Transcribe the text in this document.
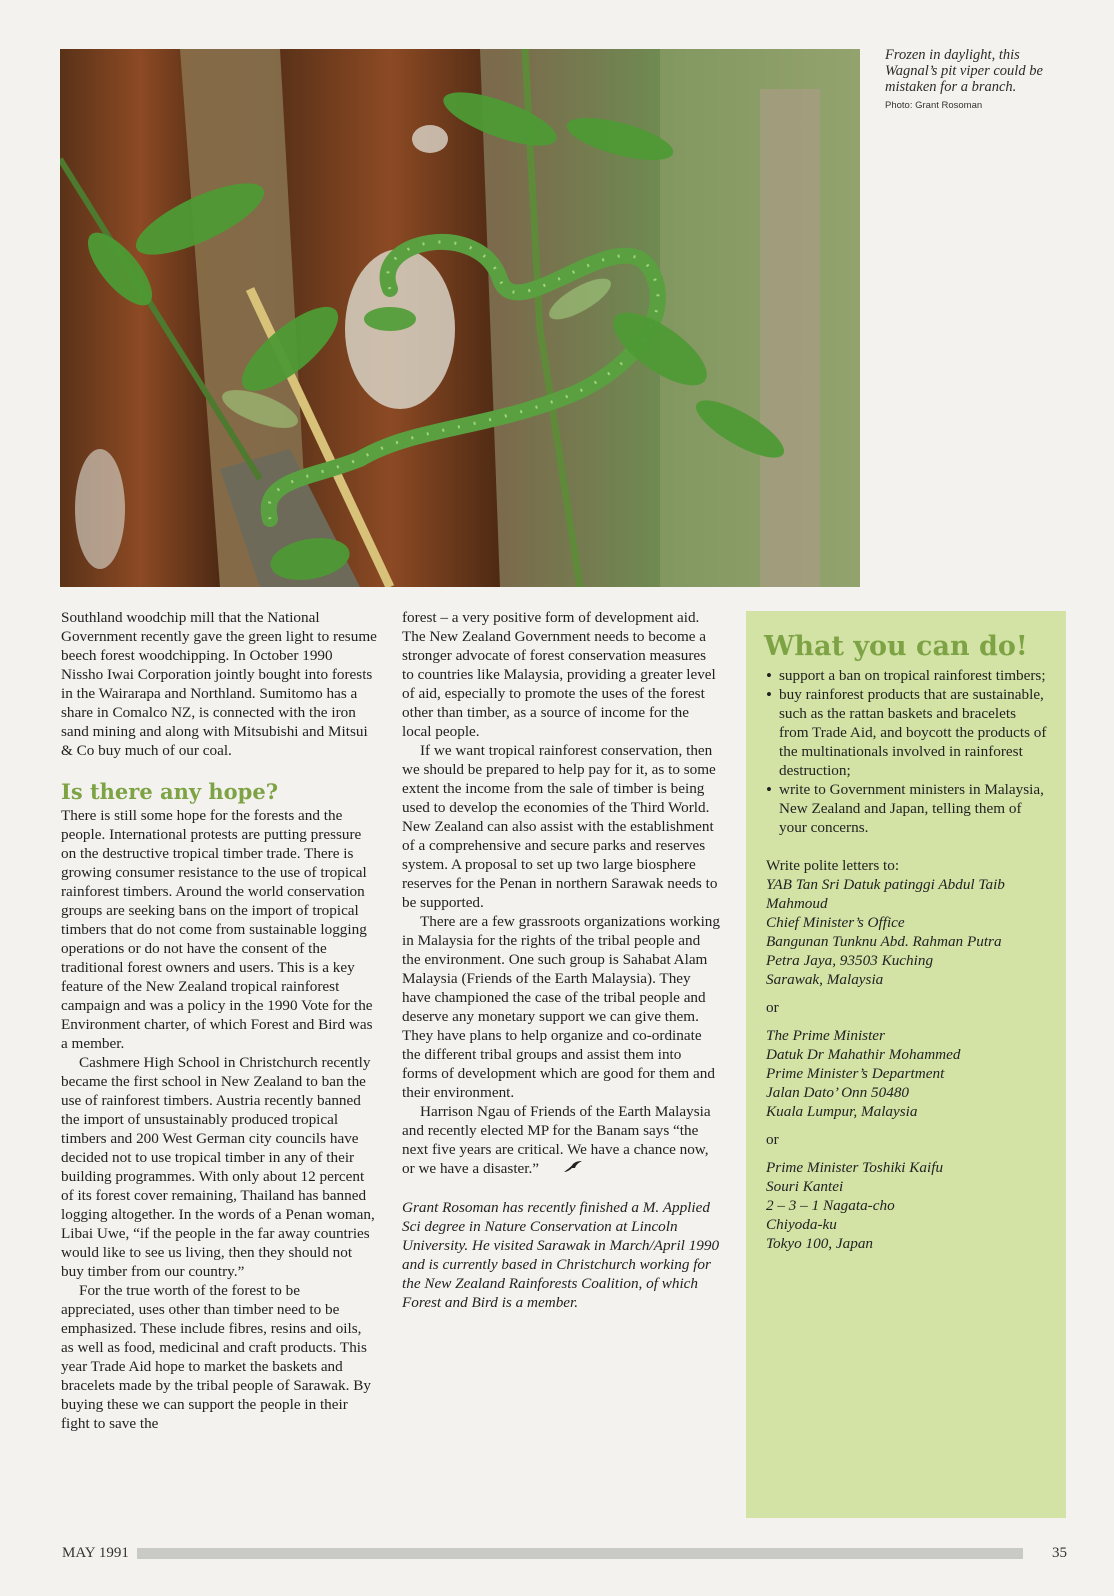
Frozen in daylight, this
Wagnal’s pit viper could be
mistaken for a branch.
Photo: Grant Rosoman

Southland woodchip mill that the National Government recently gave the green light to resume beech forest woodchipping. In October 1990 Nissho Iwai Corporation jointly bought into forests in the Wairarapa and Northland. Sumitomo has a share in Comalco NZ, is connected with the iron sand mining and along with Mitsubishi and Mitsui & Co buy much of our coal.

Is there any hope?

There is still some hope for the forests and the people. International protests are putting pressure on the destructive tropical timber trade. There is growing consumer resistance to the use of tropical rainforest timbers. Around the world conservation groups are seeking bans on the import of tropical timbers that do not come from sustainable logging operations or do not have the consent of the traditional forest owners and users. This is a key feature of the New Zealand tropical rainforest campaign and was a policy in the 1990 Vote for the Environment charter, of which Forest and Bird was a member.

Cashmere High School in Christchurch recently became the first school in New Zealand to ban the use of rainforest timbers. Austria recently banned the import of unsustainably produced tropical timbers and 200 West German city councils have decided not to use tropical timber in any of their building programmes. With only about 12 percent of its forest cover remaining, Thailand has banned logging altogether. In the words of a Penan woman, Libai Uwe, “if the people in the far away countries would like to see us living, then they should not buy timber from our country.”

For the true worth of the forest to be appreciated, uses other than timber need to be emphasized. These include fibres, resins and oils, as well as food, medicinal and craft products. This year Trade Aid hope to market the baskets and bracelets made by the tribal people of Sarawak. By buying these we can support the people in their fight to save the

forest – a very positive form of development aid. The New Zealand Government needs to become a stronger advocate of forest conservation measures to countries like Malaysia, providing a greater level of aid, especially to promote the uses of the forest other than timber, as a source of income for the local people.

If we want tropical rainforest conservation, then we should be prepared to help pay for it, as to some extent the income from the sale of timber is being used to develop the economies of the Third World. New Zealand can also assist with the establishment of a comprehensive and secure parks and reserves system. A proposal to set up two large biosphere reserves for the Penan in northern Sarawak needs to be supported.

There are a few grassroots organizations working in Malaysia for the rights of the tribal people and the environment. One such group is Sahabat Alam Malaysia (Friends of the Earth Malaysia). They have championed the case of the tribal people and deserve any monetary support we can give them. They have plans to help organize and co-ordinate the different tribal groups and assist them into forms of development which are good for them and their environment.

Harrison Ngau of Friends of the Earth Malaysia and recently elected MP for the Banam says “the next five years are critical. We have a chance now, or we have a disaster.”

Grant Rosoman has recently finished a M. Applied Sci degree in Nature Conservation at Lincoln University. He visited Sarawak in March/April 1990 and is currently based in Christchurch working for the New Zealand Rainforests Coalition, of which Forest and Bird is a member.

What you can do!
• support a ban on tropical rainforest timbers;
• buy rainforest products that are sustainable, such as the rattan baskets and bracelets from Trade Aid, and boycott the products of the multinationals involved in rainforest destruction;
• write to Government ministers in Malaysia, New Zealand and Japan, telling them of your concerns.
Write polite letters to:
YAB Tan Sri Datuk patinggi Abdul Taib
Mahmoud
Chief Minister’s Office
Bangunan Tunknu Abd. Rahman Putra
Petra Jaya, 93503 Kuching
Sarawak, Malaysia
or
The Prime Minister
Datuk Dr Mahathir Mohammed
Prime Minister’s Department
Jalan Dato’ Onn 50480
Kuala Lumpur, Malaysia
or
Prime Minister Toshiki Kaifu
Souri Kantei
2 – 3 – 1 Nagata-cho
Chiyoda-ku
Tokyo 100, Japan
MAY 1991	35
